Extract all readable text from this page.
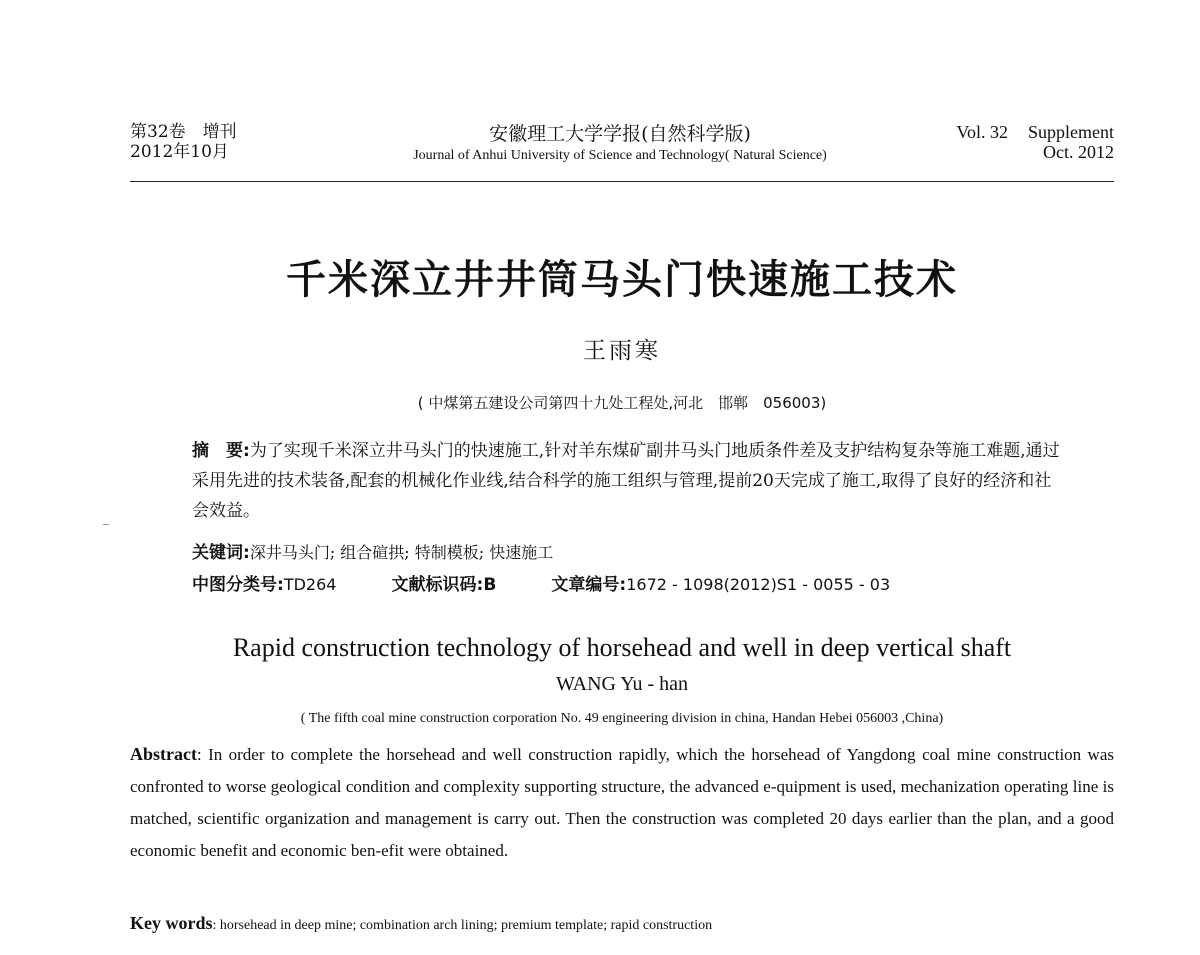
第32卷　增刊
2012年10月
安徽理工大学学报(自然科学版)
Journal of Anhui University of Science and Technology( Natural Science)
Vol. 32 Supplement
Oct. 2012
千米深立井井筒马头门快速施工技术
王雨寒
( 中煤第五建设公司第四十九处工程处,河北　邯郸　056003)
摘　要:为了实现千米深立井马头门的快速施工,针对羊东煤矿副井马头门地质条件差及支护结构复杂等施工难题,通过采用先进的技术装备,配套的机械化作业线,结合科学的施工组织与管理,提前20天完成了施工,取得了良好的经济和社会效益。
关键词:深井马头门; 组合碹拱; 特制模板; 快速施工
中图分类号:TD264	文献标识码:B	文章编号:1672 - 1098(2012)S1 - 0055 - 03
Rapid construction technology of horsehead and well in deep vertical shaft
WANG Yu - han
( The fifth coal mine construction corporation No. 49 engineering division in china, Handan Hebei 056003 ,China)
Abstract: In order to complete the horsehead and well construction rapidly, which the horsehead of Yangdong coal mine construction was confronted to worse geological condition and complexity supporting structure, the advanced e-quipment is used, mechanization operating line is matched, scientific organization and management is carry out. Then the construction was completed 20 days earlier than the plan, and a good economic benefit and economic ben-efit were obtained.
Key words: horsehead in deep mine; combination arch lining; premium template; rapid construction
